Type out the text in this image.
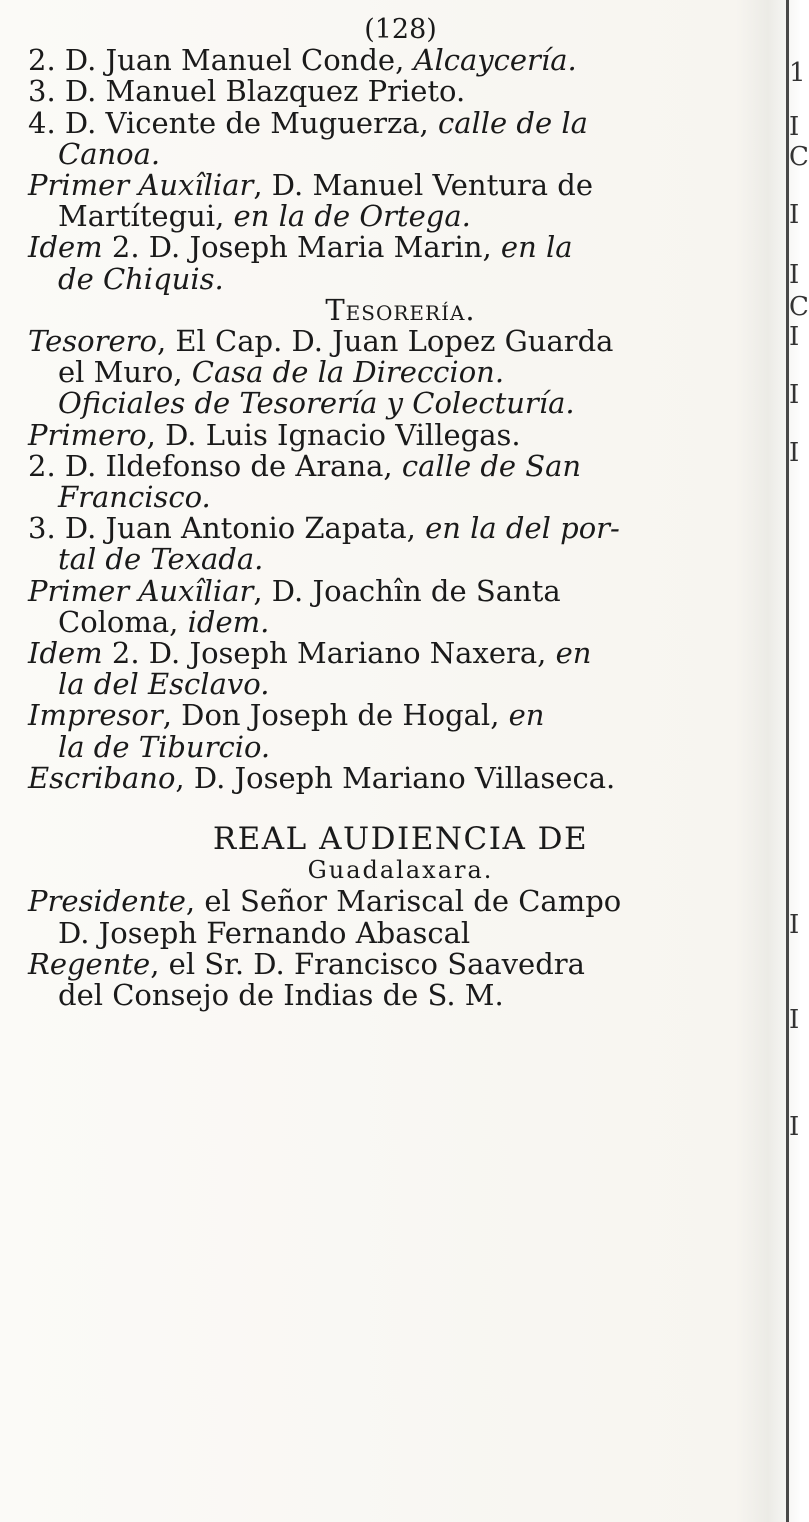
(128)
2. D. Juan Manuel Conde, Alcaycería.
3. D. Manuel Blazquez Prieto.
4. D. Vicente de Muguerza, calle de la
Canoa.
Primer Auxîliar, D. Manuel Ventura de
Martítegui, en la de Ortega.
Idem 2. D. Joseph Maria Marin, en la
de Chiquis.
Tesorería.
Tesorero, El Cap. D. Juan Lopez Guarda
el Muro, Casa de la Direccion.
Oficiales de Tesorería y Colecturía.
Primero, D. Luis Ignacio Villegas.
2. D. Ildefonso de Arana, calle de San
Francisco.
3. D. Juan Antonio Zapata, en la del por-
tal de Texada.
Primer Auxîliar, D. Joachîn de Santa
Coloma, idem.
Idem 2. D. Joseph Mariano Naxera, en
la del Esclavo.
Impresor, Don Joseph de Hogal, en
la de Tiburcio.
Escribano, D. Joseph Mariano Villaseca.
REAL AUDIENCIA DE
Guadalaxara.
Presidente, el Señor Mariscal de Campo
D. Joseph Fernando Abascal
Regente, el Sr. D. Francisco Saavedra
del Consejo de Indias de S. M.
1
I
C
I
I
C
I
I
I
I
I
I
